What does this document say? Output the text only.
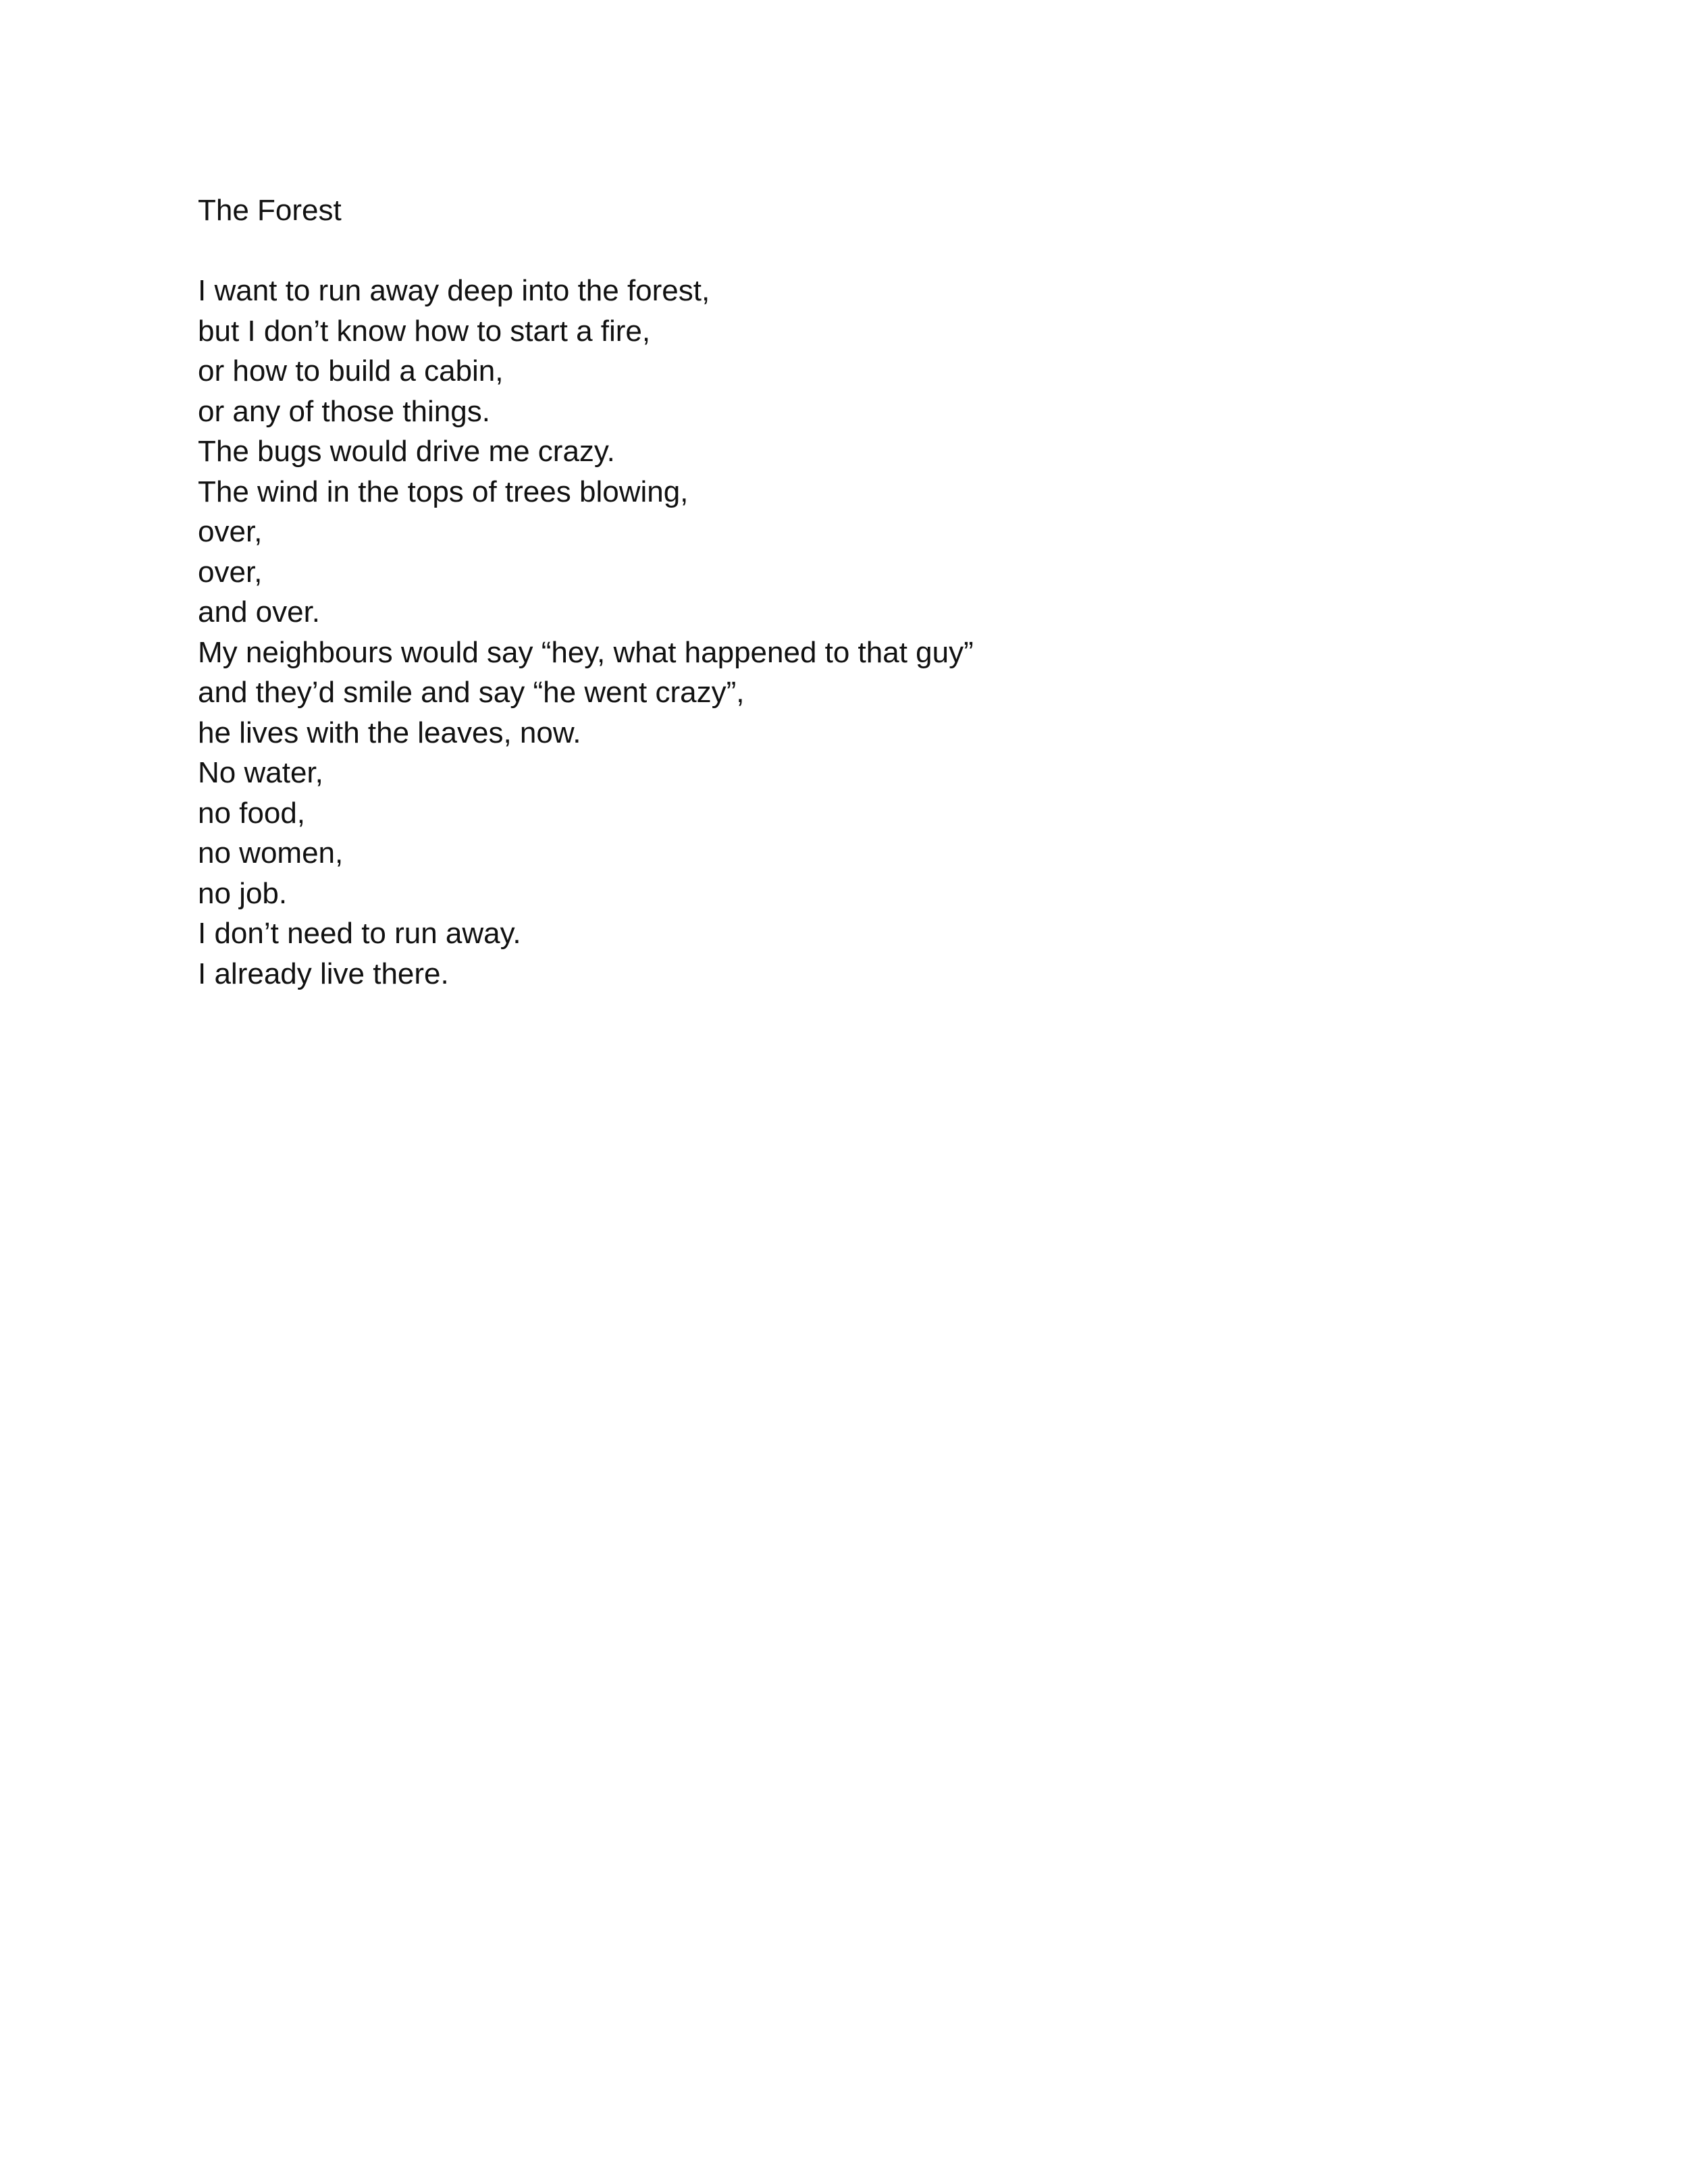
The Forest
I want to run away deep into the forest,
but I don’t know how to start a fire,
or how to build a cabin,
or any of those things.
The bugs would drive me crazy.
The wind in the tops of trees blowing,
over,
over,
and over.
My neighbours would say “hey, what happened to that guy”
and they’d smile and say “he went crazy”,
he lives with the leaves, now.
No water,
no food,
no women,
no job.
I don’t need to run away.
I already live there.
